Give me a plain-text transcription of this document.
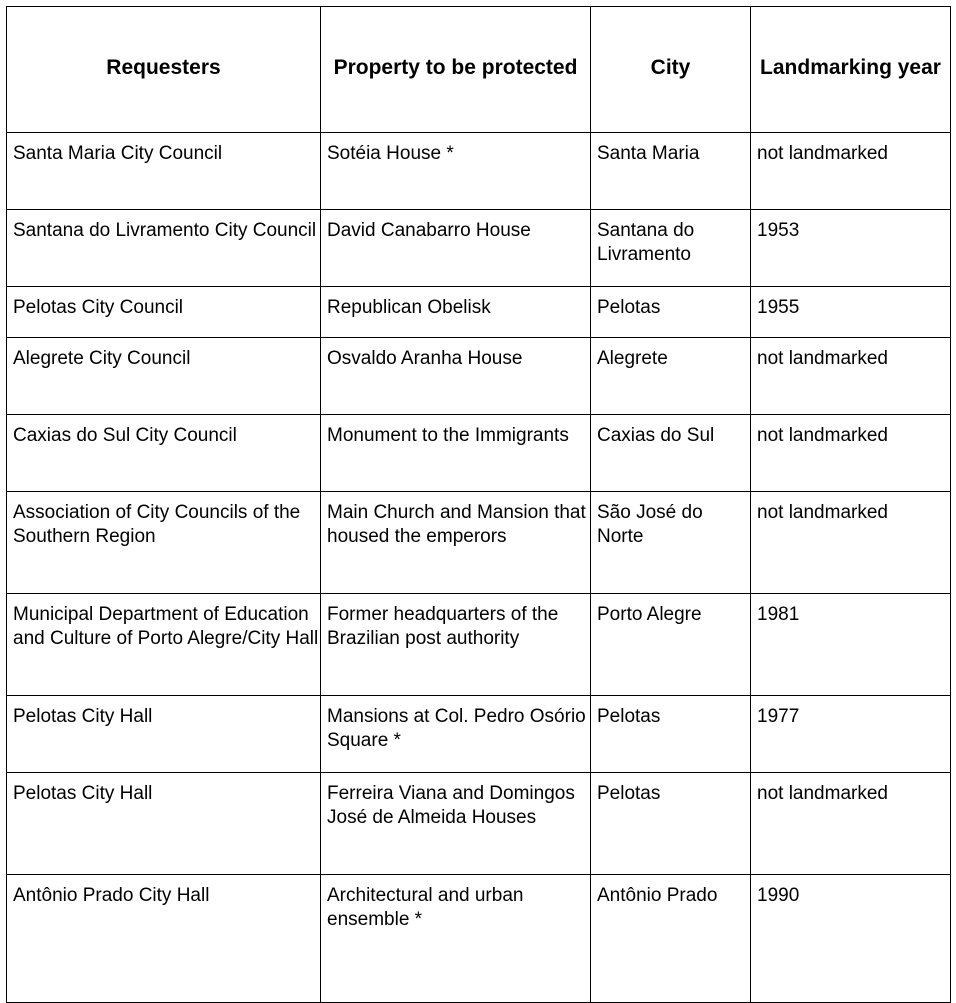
Requesters	Property to be protected	City	Landmarking year
Santa Maria City Council	Sotéia House *	Santa Maria	not landmarked
Santana do Livramento City Council	David Canabarro House	Santana do Livramento	1953
Pelotas City Council	Republican Obelisk	Pelotas	1955
Alegrete City Council	Osvaldo Aranha House	Alegrete	not landmarked
Caxias do Sul City Council	Monument to the Immigrants	Caxias do Sul	not landmarked
Association of City Councils of the Southern Region	Main Church and Mansion that housed the emperors	São José do Norte	not landmarked
Municipal Department of Education and Culture of Porto Alegre/City Hall	Former headquarters of the Brazilian post authority	Porto Alegre	1981
Pelotas City Hall	Mansions at Col. Pedro Osório Square *	Pelotas	1977
Pelotas City Hall	Ferreira Viana and Domingos José de Almeida Houses	Pelotas	not landmarked
Antônio Prado City Hall	Architectural and urban ensemble *	Antônio Prado	1990
